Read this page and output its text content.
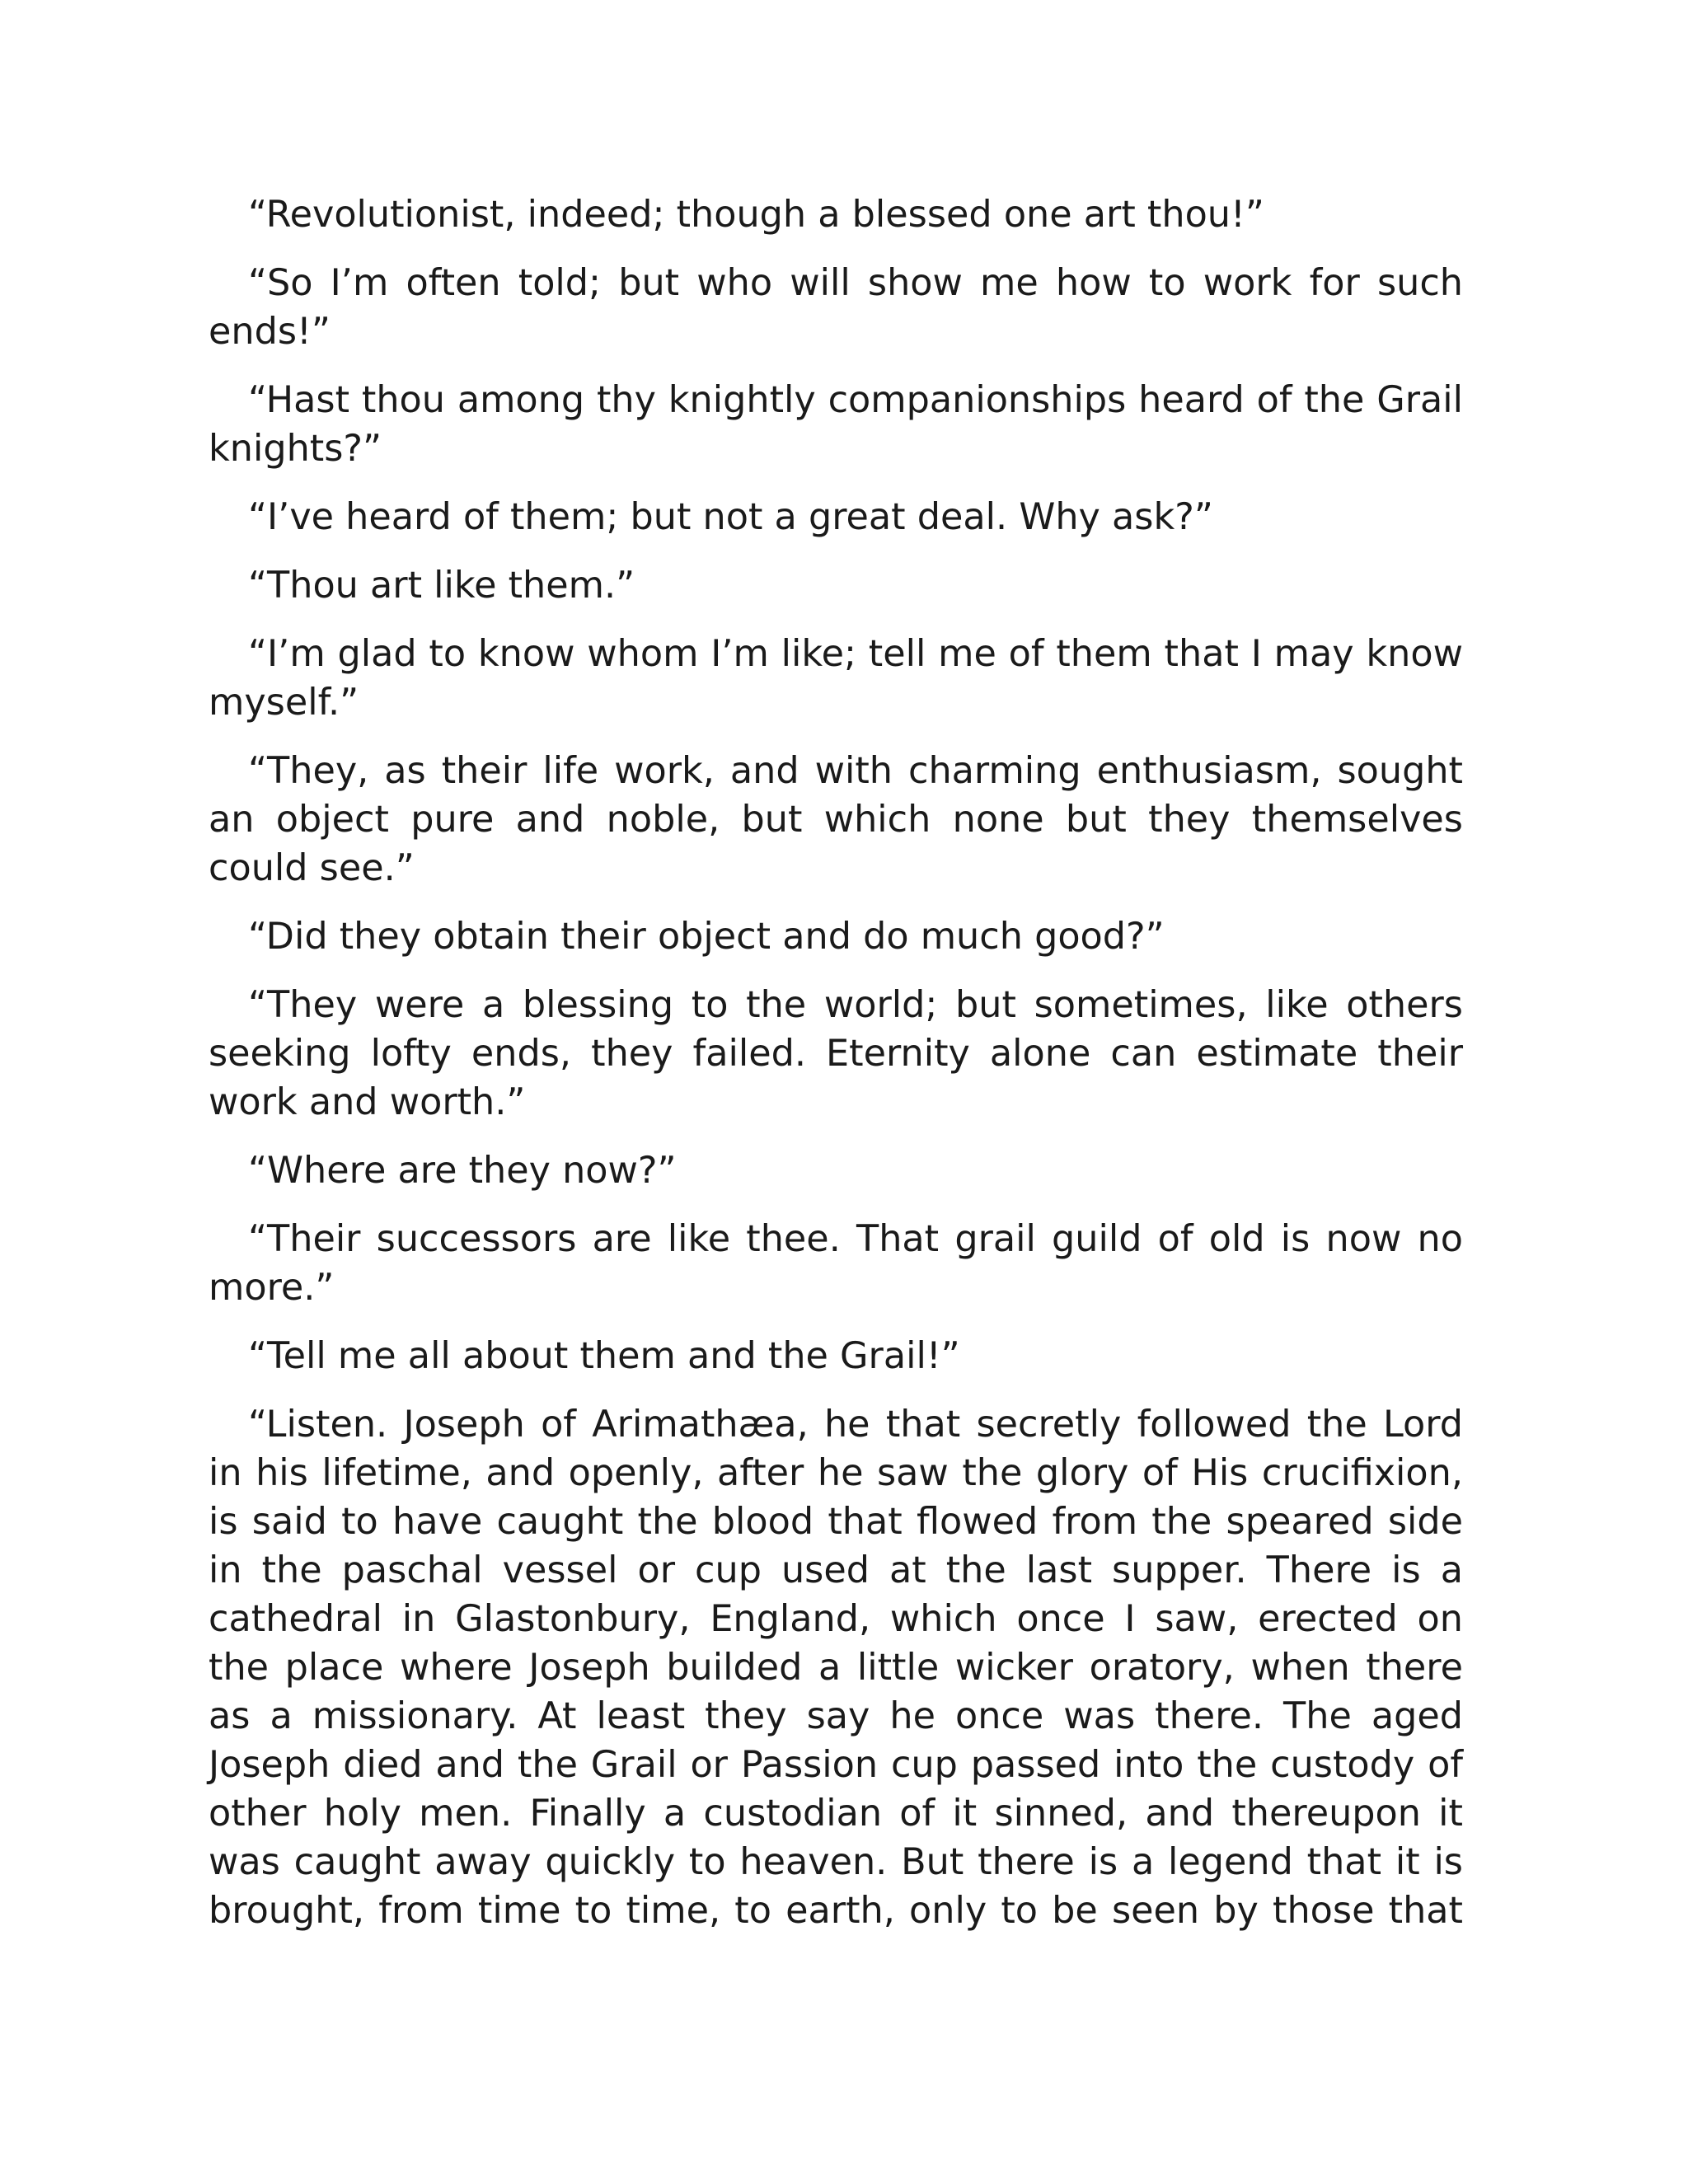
“Revolutionist, indeed; though a blessed one art thou!”

“So I’m often told; but who will show me how to work for such ends!”

“Hast thou among thy knightly companionships heard of the Grail knights?”

“I’ve heard of them; but not a great deal. Why ask?”

“Thou art like them.”

“I’m glad to know whom I’m like; tell me of them that I may know myself.”

“They, as their life work, and with charming enthusiasm, sought an object pure and noble, but which none but they themselves could see.”

“Did they obtain their object and do much good?”

“They were a blessing to the world; but sometimes, like others seeking lofty ends, they failed. Eternity alone can estimate their work and worth.”

“Where are they now?”

“Their successors are like thee. That grail guild of old is now no more.”

“Tell me all about them and the Grail!”

“Listen. Joseph of Arimathæa, he that secretly followed the Lord in his lifetime, and openly, after he saw the glory of His crucifixion, is said to have caught the blood that flowed from the speared side in the paschal vessel or cup used at the last supper. There is a cathedral in Glastonbury, England, which once I saw, erected on the place where Joseph builded a little wicker oratory, when there as a missionary. At least they say he once was there. The aged Joseph died and the Grail or Passion cup passed into the custody of other holy men. Finally a custodian of it sinned, and thereupon it was caught away quickly to heaven. But there is a legend that it is brought, from time to time, to earth, only to be seen by those that
